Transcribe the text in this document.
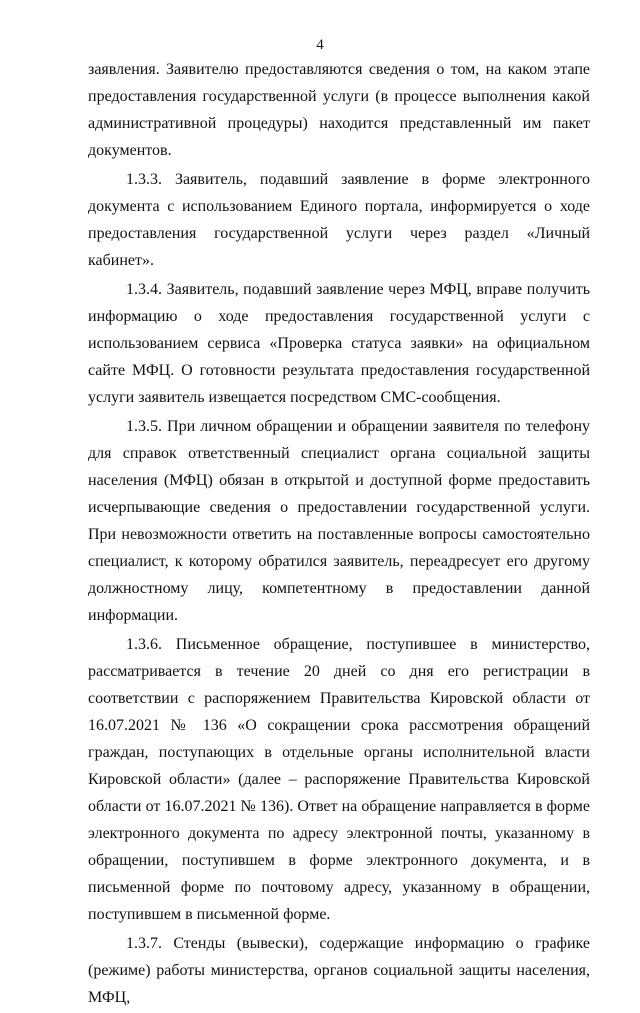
4

заявления. Заявителю предоставляются сведения о том, на каком этапе предоставления государственной услуги (в процессе выполнения какой административной процедуры) находится представленный им пакет документов.

1.3.3. Заявитель, подавший заявление в форме электронного документа с использованием Единого портала, информируется о ходе предоставления государственной услуги через раздел «Личный кабинет».

1.3.4. Заявитель, подавший заявление через МФЦ, вправе получить информацию о ходе предоставления государственной услуги с использованием сервиса «Проверка статуса заявки» на официальном сайте МФЦ. О готовности результата предоставления государственной услуги заявитель извещается посредством СМС-сообщения.

1.3.5. При личном обращении и обращении заявителя по телефону для справок ответственный специалист органа социальной защиты населения (МФЦ) обязан в открытой и доступной форме предоставить исчерпывающие сведения о предоставлении государственной услуги. При невозможности ответить на поставленные вопросы самостоятельно специалист, к которому обратился заявитель, переадресует его другому должностному лицу, компетентному в предоставлении данной информации.

1.3.6. Письменное обращение, поступившее в министерство, рассматривается в течение 20 дней со дня его регистрации в соответствии с распоряжением Правительства Кировской области от 16.07.2021 № 136 «О сокращении срока рассмотрения обращений граждан, поступающих в отдельные органы исполнительной власти Кировской области» (далее – распоряжение Правительства Кировской области от 16.07.2021 № 136). Ответ на обращение направляется в форме электронного документа по адресу электронной почты, указанному в обращении, поступившем в форме электронного документа, и в письменной форме по почтовому адресу, указанному в обращении, поступившем в письменной форме.

1.3.7. Стенды (вывески), содержащие информацию о графике (режиме) работы министерства, органов социальной защиты населения, МФЦ,
